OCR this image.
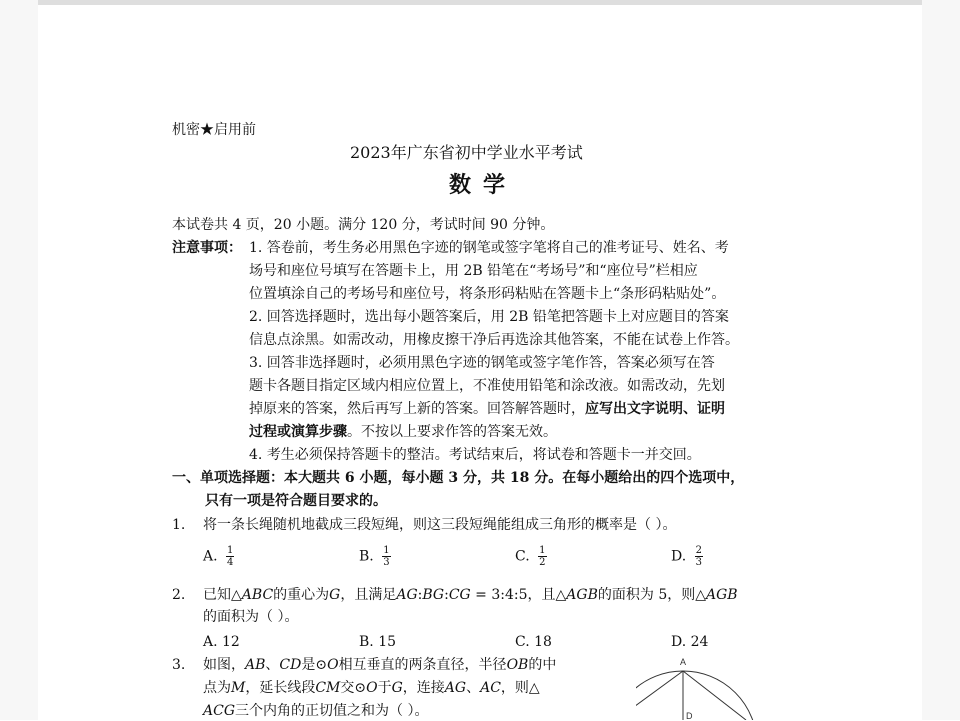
机密★启用前
2023年广东省初中学业水平考试
数学
本试卷共 4 页，20 小题。满分 120 分，考试时间 90 分钟。
注意事项： 1. 答卷前，考生务必用黑色字迹的钢笔或签字笔将自己的准考证号、姓名、考
场号和座位号填写在答题卡上，用 2B 铅笔在“考场号”和“座位号”栏相应
位置填涂自己的考场号和座位号，将条形码粘贴在答题卡上“条形码粘贴处”。
2. 回答选择题时，选出每小题答案后，用 2B 铅笔把答题卡上对应题目的答案
信息点涂黑。如需改动，用橡皮擦干净后再选涂其他答案，不能在试卷上作答。
3. 回答非选择题时，必须用黑色字迹的钢笔或签字笔作答，答案必须写在答
题卡各题目指定区域内相应位置上，不准使用铅笔和涂改液。如需改动，先划
掉原来的答案，然后再写上新的答案。回答解答题时，应写出文字说明、证明
过程或演算步骤。不按以上要求作答的答案无效。
4. 考生必须保持答题卡的整洁。考试结束后，将试卷和答题卡一并交回。
一、单项选择题：本大题共 6 小题，每小题 3 分，共 18 分。在每小题给出的四个选项中，
只有一项是符合题目要求的。
1. 将一条长绳随机地截成三段短绳，则这三段短绳能组成三角形的概率是（ ）。
A. $\frac{1}{4}$	B. $\frac{1}{3}$	C. $\frac{1}{2}$	D. $\frac{2}{3}$
2. 已知△ABC的重心为G，且满足AG:BG:CG = 3:4:5，且△AGB的面积为 5，则△AGB
的面积为（ ）。
A. 12	B. 15	C. 18	D. 24
3. 如图，AB、CD是⊙O相互垂直的两条直径，半径OB的中
点为M，延长线段CM交⊙O于G，连接AG、AC，则△
ACG三个内角的正切值之和为（ ）。
A
D
